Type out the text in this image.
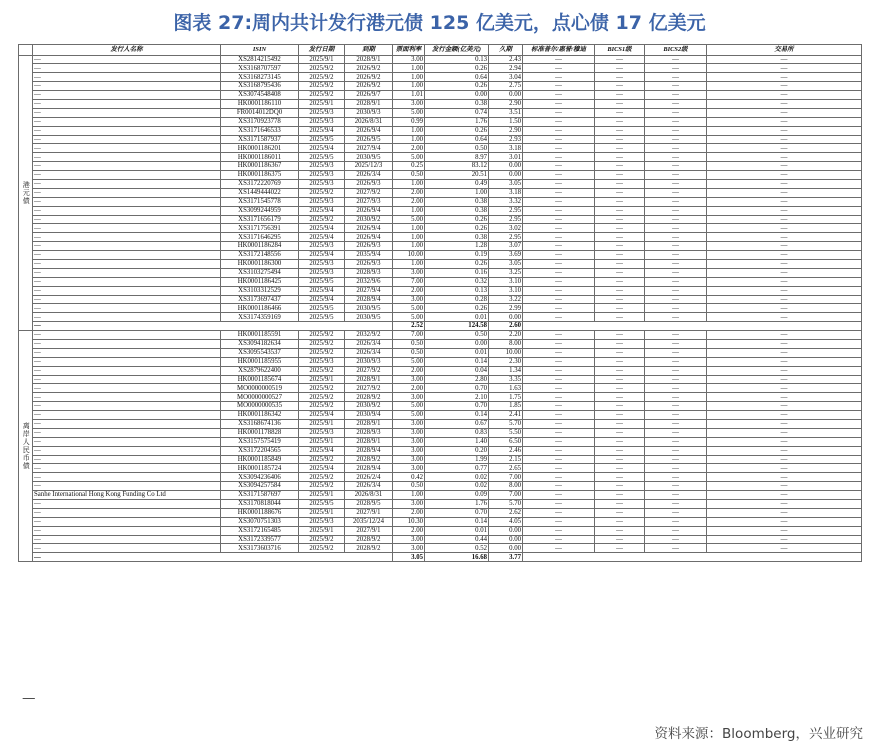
图表 27:周内共计发行港元债 125 亿美元，点心债 17 亿美元
	发行人名称	ISIN	发行日期	到期	票面利率	发行金额(亿美元)	久期	标准普尔/惠誉/穆迪	BICS1级	BICS2级	交易所
港元债	—	XS2814215492	2025/9/1	2028/9/1	3.00	0.13	2.43	—	—	—	—
	—	XS3168707597	2025/9/2	2026/9/2	1.00	0.26	2.94	—	—	—	—
	—	XS3168273145	2025/9/2	2026/9/2	1.00	0.64	3.04	—	—	—	—
	—	XS3168795436	2025/9/2	2026/9/2	1.00	0.26	2.75	—	—	—	—
	—	XS3074548408	2025/9/2	2026/9/7	1.01	0.00	0.00	—	—	—	—
	—	HK0001186110	2025/9/1	2028/9/1	3.00	0.38	2.90	—	—	—	—
	—	FR0014012DQ0	2025/9/3	2030/9/3	5.00	0.74	3.51	—	—	—	—
	—	XS3170923778	2025/9/3	2026/8/31	0.99	1.76	1.50	—	—	—	—
	—	XS3171646533	2025/9/4	2026/9/4	1.00	0.26	2.90	—	—	—	—
	—	XS3171587937	2025/9/5	2026/9/5	1.00	0.64	2.93	—	—	—	—
	—	HK0001186201	2025/9/4	2027/9/4	2.00	0.50	3.18	—	—	—	—
	—	HK0001186011	2025/9/5	2030/9/5	5.00	8.97	3.01	—	—	—	—
	—	HK0001186367	2025/9/3	2025/12/3	0.25	83.12	0.00	—	—	—	—
	—	HK0001186375	2025/9/3	2026/3/4	0.50	20.51	0.00	—	—	—	—
	—	XS3172220769	2025/9/3	2026/9/3	1.00	0.49	3.05	—	—	—	—
	—	XS1449444022	2025/9/2	2027/9/2	2.00	1.00	3.18	—	—	—	—
	—	XS3171545778	2025/9/3	2027/9/3	2.00	0.38	3.32	—	—	—	—
	—	XS3099244959	2025/9/4	2026/9/4	1.00	0.38	2.95	—	—	—	—
	—	XS3171656179	2025/9/2	2030/9/2	5.00	0.26	2.95	—	—	—	—
	—	XS3171756391	2025/9/4	2026/9/4	1.00	0.26	3.02	—	—	—	—
	—	XS3171646295	2025/9/4	2026/9/4	1.00	0.38	2.95	—	—	—	—
	—	HK0001186284	2025/9/3	2026/9/3	1.00	1.28	3.07	—	—	—	—
	—	XS3172148556	2025/9/4	2035/9/4	10.00	0.19	3.69	—	—	—	—
	—	HK0001186300	2025/9/3	2026/9/3	1.00	0.26	3.05	—	—	—	—
	—	XS3103275494	2025/9/3	2028/9/3	3.00	0.16	3.25	—	—	—	—
	—	HK0001186425	2025/9/5	2032/9/6	7.00	0.32	3.10	—	—	—	—
	—	XS3103312529	2025/9/4	2027/9/4	2.00	0.13	3.10	—	—	—	—
	—	XS3173697437	2025/9/4	2028/9/4	3.00	0.28	3.22	—	—	—	—
	—	HK0001186466	2025/9/5	2030/9/5	5.00	0.26	2.99	—	—	—	—
	—	XS3174359169	2025/9/5	2030/9/5	5.00	0.01	0.00	—	—	—	—
	—				2.52	124.58	2.60				
离岸人民币债	—	HK0001185591	2025/9/2	2032/9/2	7.00	0.50	2.20	—	—	—	—
	—	XS3094182634	2025/9/2	2026/3/4	0.50	0.00	8.00	—	—	—	—
	—	XS3095543537	2025/9/2	2026/3/4	0.50	0.01	10.00	—	—	—	—
	—	HK0001185955	2025/9/3	2030/9/3	5.00	0.14	2.30	—	—	—	—
	—	XS2879622400	2025/9/2	2027/9/2	2.00	0.04	1.34	—	—	—	—
	—	HK0001185674	2025/9/1	2028/9/1	3.00	2.80	3.35	—	—	—	—
	—	MO0000000519	2025/9/2	2027/9/2	2.00	0.70	1.63	—	—	—	—
	—	MO0000000527	2025/9/2	2028/9/2	3.00	2.10	1.75	—	—	—	—
	—	MO0000000535	2025/9/2	2030/9/2	5.00	0.70	1.85	—	—	—	—
	—	HK0001186342	2025/9/4	2030/9/4	5.00	0.14	2.41	—	—	—	—
	—	XS3168674136	2025/9/1	2028/9/1	3.00	0.67	5.70	—	—	—	—
	—	HK0001178828	2025/9/3	2028/9/3	3.00	0.83	5.50	—	—	—	—
	—	XS3157575419	2025/9/1	2028/9/1	3.00	1.40	6.50	—	—	—	—
	—	XS3172204565	2025/9/4	2028/9/4	3.00	0.20	2.46	—	—	—	—
	—	HK0001185849	2025/9/2	2028/9/2	3.00	1.99	2.15	—	—	—	—
	—	HK0001185724	2025/9/4	2028/9/4	3.00	0.77	2.65	—	—	—	—
	—	XS3094236406	2025/9/2	2026/2/4	0.42	0.02	7.00	—	—	—	—
	—	XS3094257584	2025/9/2	2026/3/4	0.50	0.02	8.00	—	—	—	—
	Sanhe International Hong Kong Funding Co Ltd	XS3171587697	2025/9/1	2026/8/31	1.00	0.09	7.00	—	—	—	—
	—	XS3170818044	2025/9/5	2028/9/5	3.00	1.76	5.70	—	—	—	—
	—	HK0001188676	2025/9/1	2027/9/1	2.00	0.70	2.62	—	—	—	—
	—	XS3070751303	2025/9/3	2035/12/24	10.30	0.14	4.05	—	—	—	—
	—	XS3172165485	2025/9/1	2027/9/1	2.00	0.01	0.00	—	—	—	—
	—	XS3172339577	2025/9/2	2028/9/2	3.00	0.44	0.00	—	—	—	—
	—	XS3173603716	2025/9/2	2028/9/2	3.00	0.52	0.00	—	—	—	—
	—				3.05	16.68	3.77				
—
资料来源：Bloomberg，兴业研究
